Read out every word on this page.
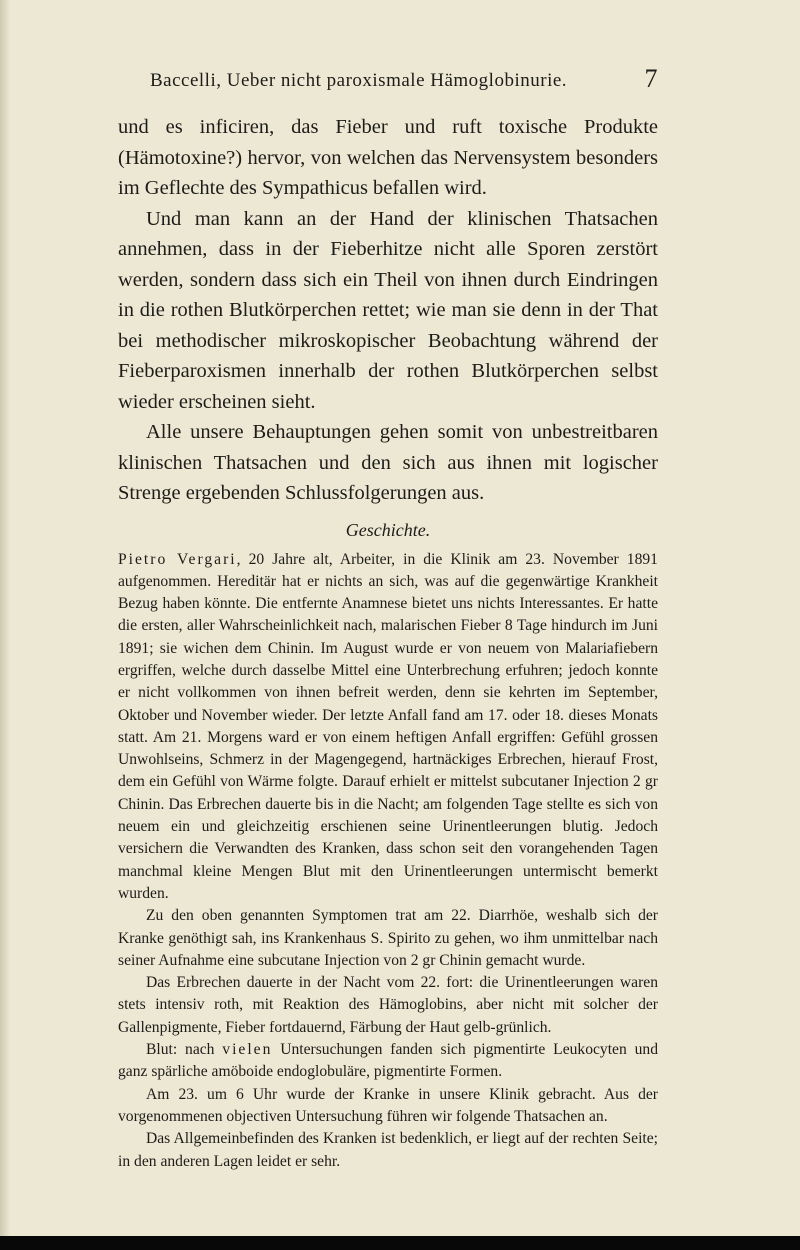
Baccelli, Ueber nicht paroxismale Hämoglobinurie.	7

und es inficiren, das Fieber und ruft toxische Produkte (Hämotoxine?) hervor, von welchen das Nervensystem besonders im Geflechte des Sympathicus befallen wird.

Und man kann an der Hand der klinischen Thatsachen annehmen, dass in der Fieberhitze nicht alle Sporen zerstört werden, sondern dass sich ein Theil von ihnen durch Eindringen in die rothen Blutkörperchen rettet; wie man sie denn in der That bei methodischer mikroskopischer Beobachtung während der Fieberparoxismen innerhalb der rothen Blutkörperchen selbst wieder erscheinen sieht.

Alle unsere Behauptungen gehen somit von unbestreitbaren klinischen Thatsachen und den sich aus ihnen mit logischer Strenge ergebenden Schlussfolgerungen aus.

Geschichte.

Pietro Vergari, 20 Jahre alt, Arbeiter, in die Klinik am 23. November 1891 aufgenommen. Hereditär hat er nichts an sich, was auf die gegenwärtige Krankheit Bezug haben könnte. Die entfernte Anamnese bietet uns nichts Interessantes. Er hatte die ersten, aller Wahrscheinlichkeit nach, malarischen Fieber 8 Tage hindurch im Juni 1891; sie wichen dem Chinin. Im August wurde er von neuem von Malariafiebern ergriffen, welche durch dasselbe Mittel eine Unterbrechung erfuhren; jedoch konnte er nicht vollkommen von ihnen befreit werden, denn sie kehrten im September, Oktober und November wieder. Der letzte Anfall fand am 17. oder 18. dieses Monats statt. Am 21. Morgens ward er von einem heftigen Anfall ergriffen: Gefühl grossen Unwohlseins, Schmerz in der Magengegend, hartnäckiges Erbrechen, hierauf Frost, dem ein Gefühl von Wärme folgte. Darauf erhielt er mittelst subcutaner Injection 2 gr Chinin. Das Erbrechen dauerte bis in die Nacht; am folgenden Tage stellte es sich von neuem ein und gleichzeitig erschienen seine Urinentleerungen blutig. Jedoch versichern die Verwandten des Kranken, dass schon seit den vorangehenden Tagen manchmal kleine Mengen Blut mit den Urinentleerungen untermischt bemerkt wurden.

Zu den oben genannten Symptomen trat am 22. Diarrhöe, weshalb sich der Kranke genöthigt sah, ins Krankenhaus S. Spirito zu gehen, wo ihm unmittelbar nach seiner Aufnahme eine subcutane Injection von 2 gr Chinin gemacht wurde.

Das Erbrechen dauerte in der Nacht vom 22. fort: die Urinentleerungen waren stets intensiv roth, mit Reaktion des Hämoglobins, aber nicht mit solcher der Gallenpigmente, Fieber fortdauernd, Färbung der Haut gelb-grünlich.

Blut: nach vielen Untersuchungen fanden sich pigmentirte Leukocyten und ganz spärliche amöboide endoglobuläre, pigmentirte Formen.

Am 23. um 6 Uhr wurde der Kranke in unsere Klinik gebracht. Aus der vorgenommenen objectiven Untersuchung führen wir folgende Thatsachen an.

Das Allgemeinbefinden des Kranken ist bedenklich, er liegt auf der rechten Seite; in den anderen Lagen leidet er sehr.
